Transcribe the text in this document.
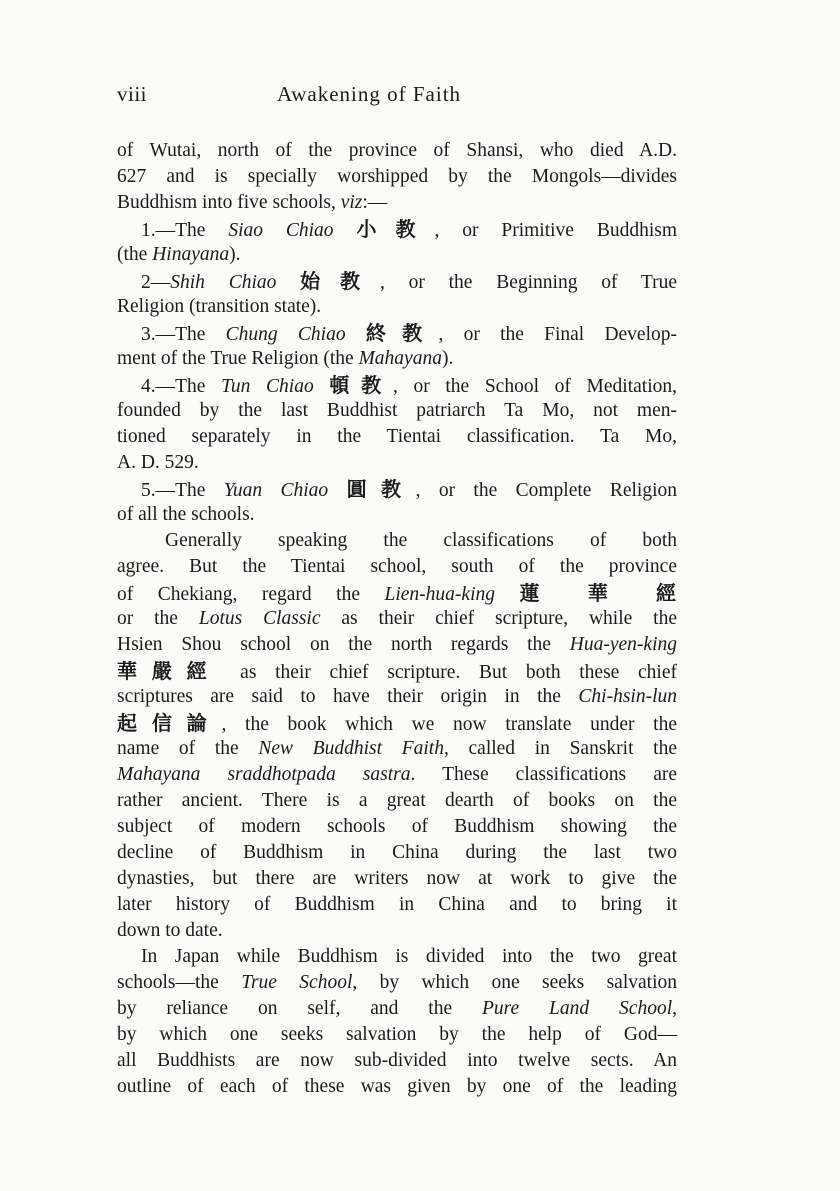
viii	Awakening of Faith
of Wutai, north of the province of Shansi, who died A.D.
627 and is specially worshipped by the Mongols—divides
Buddhism into five schools, viz:—
1.—The Siao Chiao 小教, or Primitive Buddhism
(the Hinayana).
2—Shih Chiao 始教, or the Beginning of True
Religion (transition state).
3.—The Chung Chiao 終教, or the Final Develop-
ment of the True Religion (the Mahayana).
4.—The Tun Chiao 頓教, or the School of Meditation,
founded by the last Buddhist patriarch Ta Mo, not men-
tioned separately in the Tientai classification. Ta Mo,
A. D. 529.
5.—The Yuan Chiao 圓教, or the Complete Religion
of all the schools.
Generally speaking the classifications of both
agree. But the Tientai school, south of the province
of Chekiang, regard the Lien-hua-king 蓮 華 經
or the Lotus Classic as their chief scripture, while the
Hsien Shou school on the north regards the Hua-yen-king
華嚴經 as their chief scripture. But both these chief
scriptures are said to have their origin in the Chi-hsin-lun
起信論, the book which we now translate under the
name of the New Buddhist Faith, called in Sanskrit the
Mahayana sraddhotpada sastra. These classifications are
rather ancient. There is a great dearth of books on the
subject of modern schools of Buddhism showing the
decline of Buddhism in China during the last two
dynasties, but there are writers now at work to give the
later history of Buddhism in China and to bring it
down to date.
In Japan while Buddhism is divided into the two great
schools—the True School, by which one seeks salvation
by reliance on self, and the Pure Land School,
by which one seeks salvation by the help of God—
all Buddhists are now sub-divided into twelve sects. An
outline of each of these was given by one of the leading
